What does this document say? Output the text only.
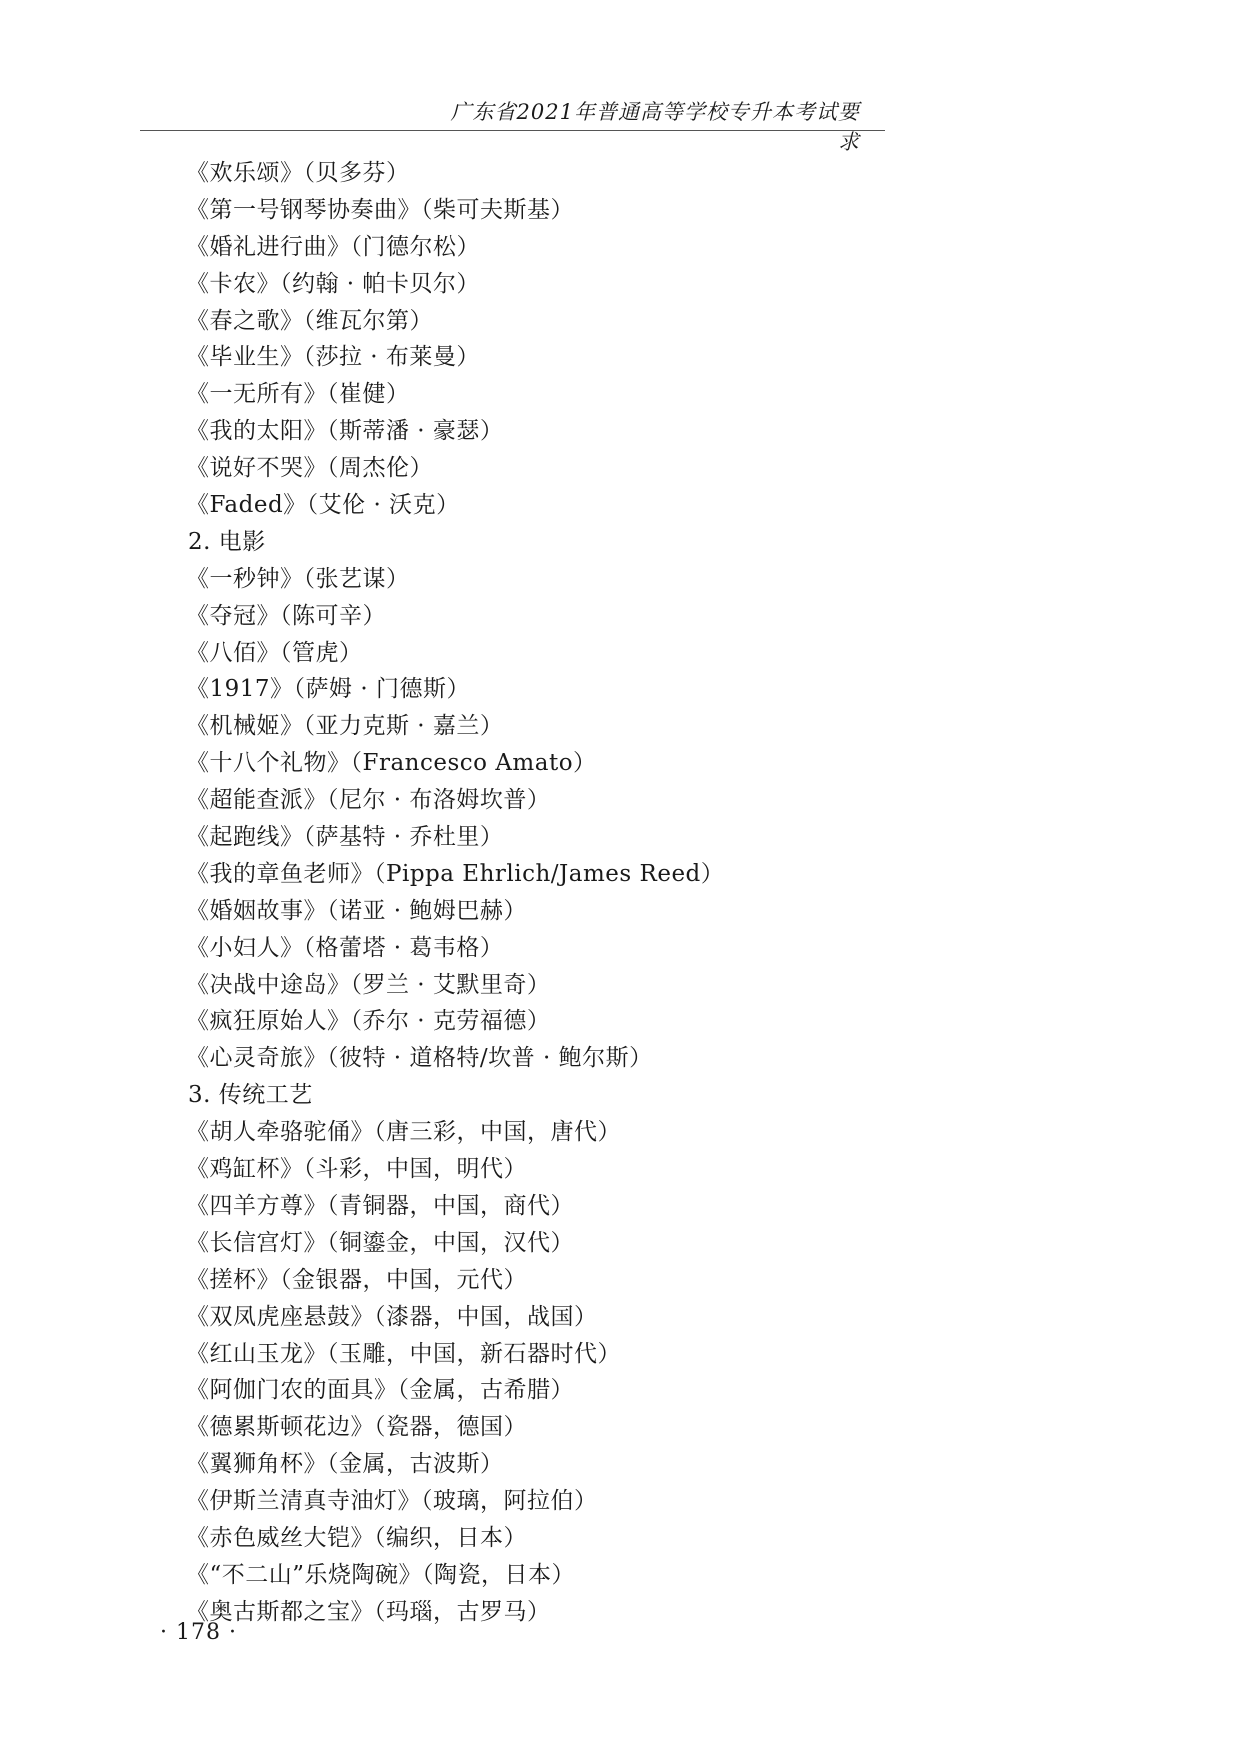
广东省2021年普通高等学校专升本考试要求
《欢乐颂》（贝多芬）
《第一号钢琴协奏曲》（柴可夫斯基）
《婚礼进行曲》（门德尔松）
《卡农》（约翰 · 帕卡贝尔）
《春之歌》（维瓦尔第）
《毕业生》（莎拉 · 布莱曼）
《一无所有》（崔健）
《我的太阳》（斯蒂潘 · 豪瑟）
《说好不哭》（周杰伦）
《Faded》（艾伦 · 沃克）
2. 电影
《一秒钟》（张艺谋）
《夺冠》（陈可辛）
《八佰》（管虎）
《1917》（萨姆 · 门德斯）
《机械姬》（亚力克斯 · 嘉兰）
《十八个礼物》（Francesco Amato）
《超能查派》（尼尔 · 布洛姆坎普）
《起跑线》（萨基特 · 乔杜里）
《我的章鱼老师》（Pippa Ehrlich/James Reed）
《婚姻故事》（诺亚 · 鲍姆巴赫）
《小妇人》（格蕾塔 · 葛韦格）
《决战中途岛》（罗兰 · 艾默里奇）
《疯狂原始人》（乔尔 · 克劳福德）
《心灵奇旅》（彼特 · 道格特/坎普 · 鲍尔斯）
3. 传统工艺
《胡人牵骆驼俑》（唐三彩，中国，唐代）
《鸡缸杯》（斗彩，中国，明代）
《四羊方尊》（青铜器，中国，商代）
《长信宫灯》（铜鎏金，中国，汉代）
《搓杯》（金银器，中国，元代）
《双凤虎座悬鼓》（漆器，中国，战国）
《红山玉龙》（玉雕，中国，新石器时代）
《阿伽门农的面具》（金属，古希腊）
《德累斯顿花边》（瓷器，德国）
《翼狮角杯》（金属，古波斯）
《伊斯兰清真寺油灯》（玻璃，阿拉伯）
《赤色威丝大铠》（编织，日本）
《“不二山”乐烧陶碗》（陶瓷，日本）
《奥古斯都之宝》（玛瑙，古罗马）
· 178 ·
